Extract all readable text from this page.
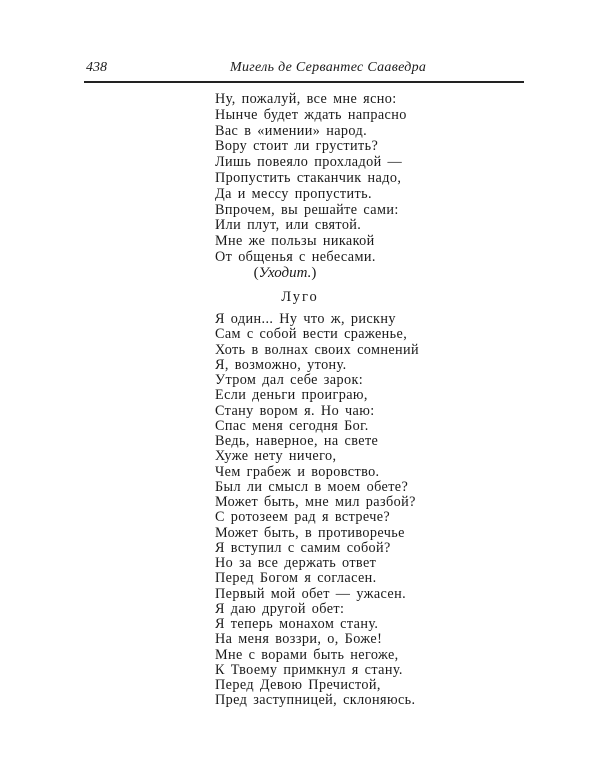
438	Мигель де Сервантес Сааведра
Ну, пожалуй, все мне ясно:
Нынче будет ждать напрасно
Вас в «имении» народ.
Вору стоит ли грустить?
Лишь повеяло прохладой —
Пропустить стаканчик надо,
Да и мессу пропустить.
Впрочем, вы решайте сами:
Или плут, или святой.
Мне же пользы никакой
От общенья с небесами.
(Уходит.)
Луго
Я один... Ну что ж, рискну
Сам с собой вести сраженье,
Хоть в волнах своих сомнений
Я, возможно, утону.
Утром дал себе зарок:
Если деньги проиграю,
Стану вором я. Но чаю:
Спас меня сегодня Бог.
Ведь, наверное, на свете
Хуже нету ничего,
Чем грабеж и воровство.
Был ли смысл в моем обете?
Может быть, мне мил разбой?
С ротозеем рад я встрече?
Может быть, в противоречье
Я вступил с самим собой?
Но за все держать ответ
Перед Богом я согласен.
Первый мой обет — ужасен.
Я даю другой обет:
Я теперь монахом стану.
На меня воззри, о, Боже!
Мне с ворами быть негоже,
К Твоему примкнул я стану.
Перед Девою Пречистой,
Пред заступницей, склоняюсь.
